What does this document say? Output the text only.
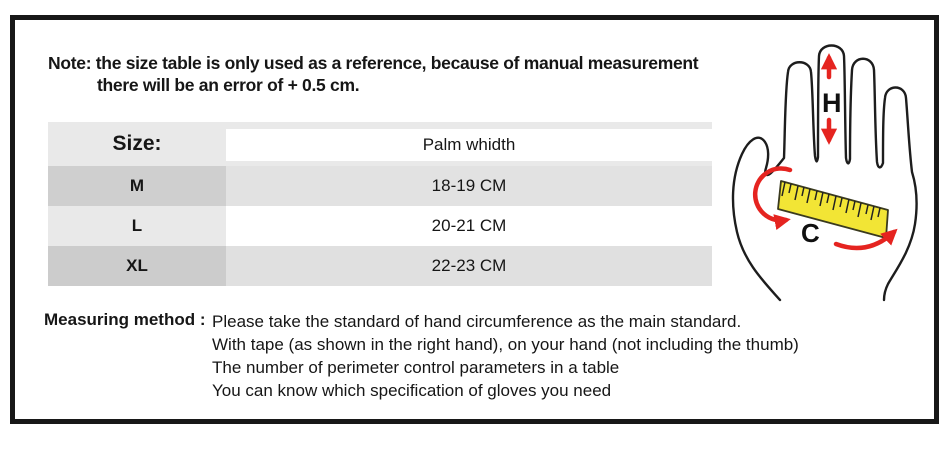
Note: the size table is only used as a reference, because of manual measurement
there will be an error of + 0.5 cm.
Size:	Palm whidth
M	18-19 CM
L	20-21 CM
XL	22-23 CM
Measuring method : Please take the standard of hand circumference as the main standard.
With tape (as shown in the right hand), on your hand (not including the thumb)
The number of perimeter control parameters in a table
You can know which specification of gloves you need
H
C
